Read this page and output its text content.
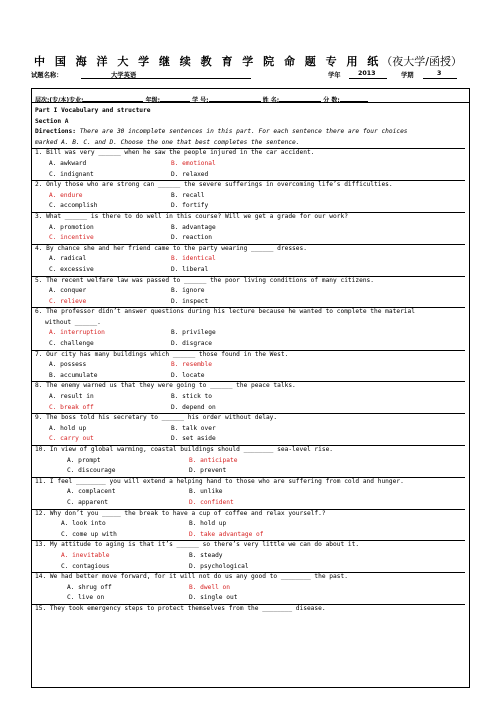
中 国 海 洋 大 学 继 续 教 育 学 院 命 题 专 用 纸（夜大学/函授）
试题名称：	大学英语	学年	2013	学期	3
层次:(专/本)专业:	年级:	学 号:	姓 名:	分 数:
Part I Vocabulary and structure
Section A
Directions: There are 30 incomplete sentences in this part. For each sentence there are four choices
marked A. B. C. and D. Choose the one that best completes the sentence.
1. Bill was very ______ when he saw the people injured in the car accident.
A. awkward	B. emotional
C. indignant	D. relaxed
2. Only those who are strong can ______ the severe sufferings in overcoming life’s difficulties.
A. endure	B. recall
C. accomplish	D. fortify
3. What ______ is there to do well in this course? Will we get a grade for our work?
A. promotion	B. advantage
C. incentive	D. reaction
4. By chance she and her friend came to the party wearing ______ dresses.
A. radical	B. identical
C. excessive	D. liberal
5. The recent welfare law was passed to ______ the poor living conditions of many citizens.
A. conquer	B. ignore
C. relieve	D. inspect
6. The professor didn’t answer questions during his lecture because he wanted to complete the material
without ______.
A. interruption	B. privilege
C. challenge	D. disgrace
7. Our city has many buildings which ______ those found in the West.
A. possess	B. resemble
B. accumulate	D. locate
8. The enemy warned us that they were going to ______ the peace talks.
A. result in	B. stick to
C. break off	D. depend on
9. The boss told his secretary to ______ his order without delay.
A. hold up	B. talk over
C. carry out	D. set aside
10. In view of global warming, coastal buildings should ________ sea-level rise.
A. prompt	B. anticipate
C. discourage	D. prevent
11. I feel ________ you will extend a helping hand to those who are suffering from cold and hunger.
A. complacent	B. unlike
C. apparent	D. confident
12. Why don’t you _____ the break to have a cup of coffee and relax yourself.?
A. look into	B. hold up
C. come up with	D. take advantage of
13. My attitude to aging is that it’s ______ so there’s very little we can do about it.
A. inevitable	B. steady
C. contagious	D. psychological
14. We had better move forward, for it will not do us any good to ________ the past.
A. shrug off	B. dwell on
C. live on	D. single out
15. They took emergency steps to protect themselves from the ________ disease.
